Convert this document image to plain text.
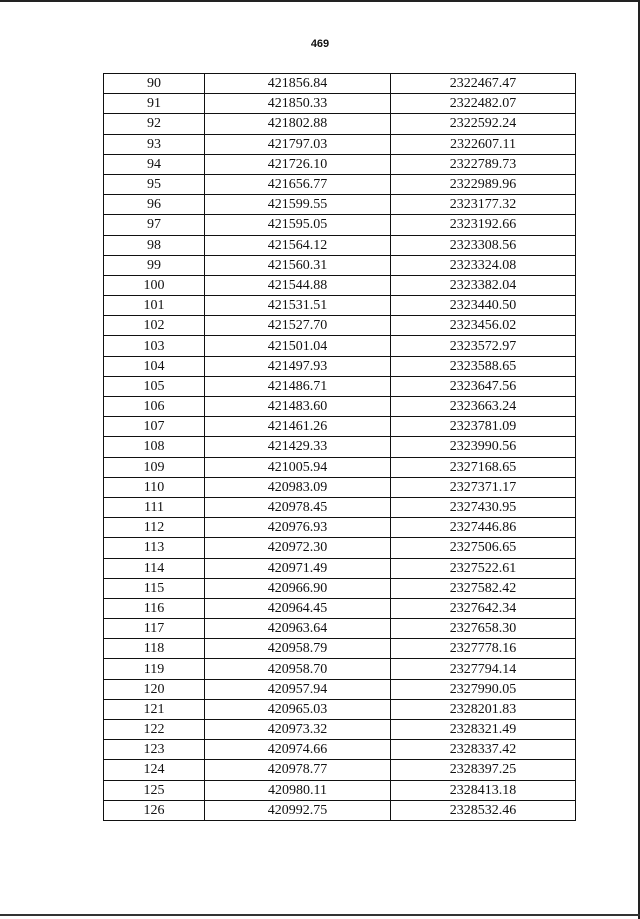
469
90	421856.84	2322467.47
91	421850.33	2322482.07
92	421802.88	2322592.24
93	421797.03	2322607.11
94	421726.10	2322789.73
95	421656.77	2322989.96
96	421599.55	2323177.32
97	421595.05	2323192.66
98	421564.12	2323308.56
99	421560.31	2323324.08
100	421544.88	2323382.04
101	421531.51	2323440.50
102	421527.70	2323456.02
103	421501.04	2323572.97
104	421497.93	2323588.65
105	421486.71	2323647.56
106	421483.60	2323663.24
107	421461.26	2323781.09
108	421429.33	2323990.56
109	421005.94	2327168.65
110	420983.09	2327371.17
111	420978.45	2327430.95
112	420976.93	2327446.86
113	420972.30	2327506.65
114	420971.49	2327522.61
115	420966.90	2327582.42
116	420964.45	2327642.34
117	420963.64	2327658.30
118	420958.79	2327778.16
119	420958.70	2327794.14
120	420957.94	2327990.05
121	420965.03	2328201.83
122	420973.32	2328321.49
123	420974.66	2328337.42
124	420978.77	2328397.25
125	420980.11	2328413.18
126	420992.75	2328532.46
